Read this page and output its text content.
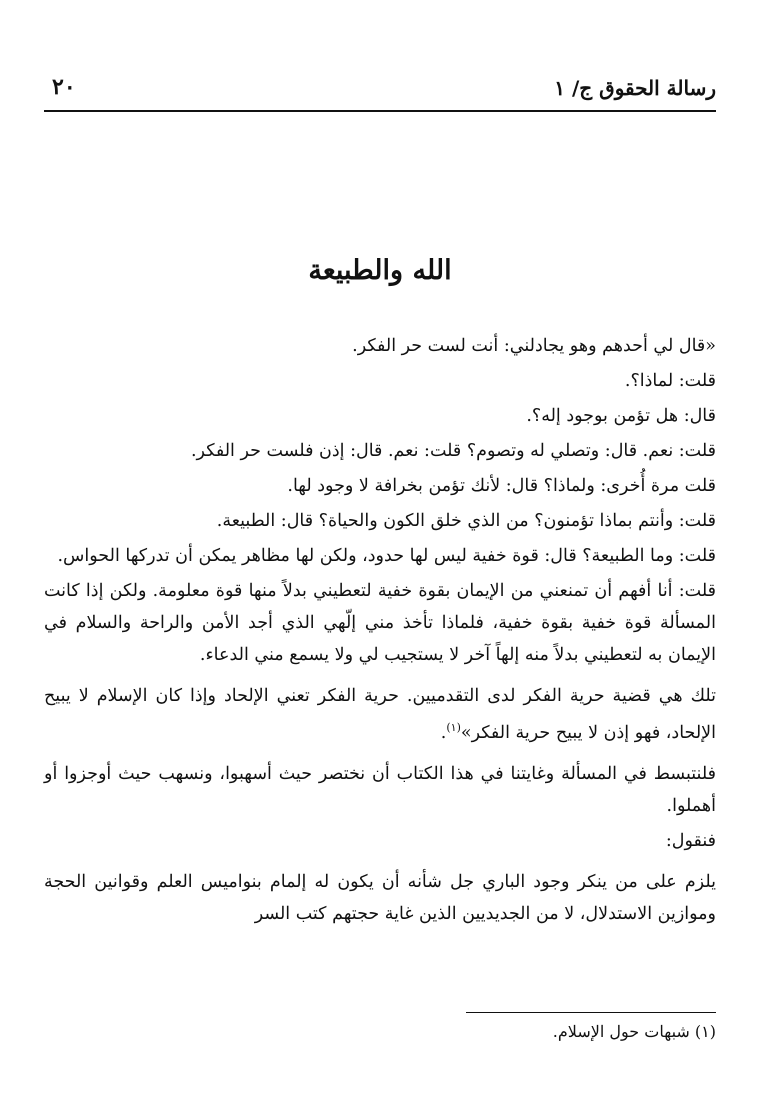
رسالة الحقوق ج/ ١
٢٠
الله والطبيعة

«قال لي أحدهم وهو يجادلني: أنت لست حر الفكر.

قلت: لماذا؟.

قال: هل تؤمن بوجود إله؟.

قلت: نعم. قال: وتصلي له وتصوم؟ قلت: نعم. قال: إذن فلست حر الفكر.

قلت مرة أُخرى: ولماذا؟ قال: لأنك تؤمن بخرافة لا وجود لها.

قلت: وأنتم بماذا تؤمنون؟ من الذي خلق الكون والحياة؟ قال: الطبيعة.

قلت: وما الطبيعة؟ قال: قوة خفية ليس لها حدود، ولكن لها مظاهر يمكن أن تدركها الحواس.

قلت: أنا أفهم أن تمنعني من الإيمان بقوة خفية لتعطيني بدلاً منها قوة معلومة. ولكن إذا كانت المسألة قوة خفية بقوة خفية، فلماذا تأخذ مني إلّهي الذي أجد الأمن والراحة والسلام في الإيمان به لتعطيني بدلاً منه إلهاً آخر لا يستجيب لي ولا يسمع مني الدعاء.

تلك هي قضية حرية الفكر لدى التقدميين. حرية الفكر تعني الإلحاد وإذا كان الإسلام لا يبيح الإلحاد، فهو إذن لا يبيح حرية الفكر»$^{(١)}$.

فلنتبسط في المسألة وغايتنا في هذا الكتاب أن نختصر حيث أسهبوا، ونسهب حيث أوجزوا أو أهملوا.

فنقول:

يلزم على من ينكر وجود الباري جل شأنه أن يكون له إلمام بنواميس العلم وقوانين الحجة وموازين الاستدلال، لا من الجديديين الذين غاية حجتهم كتب السر

(١) شبهات حول الإسلام.
